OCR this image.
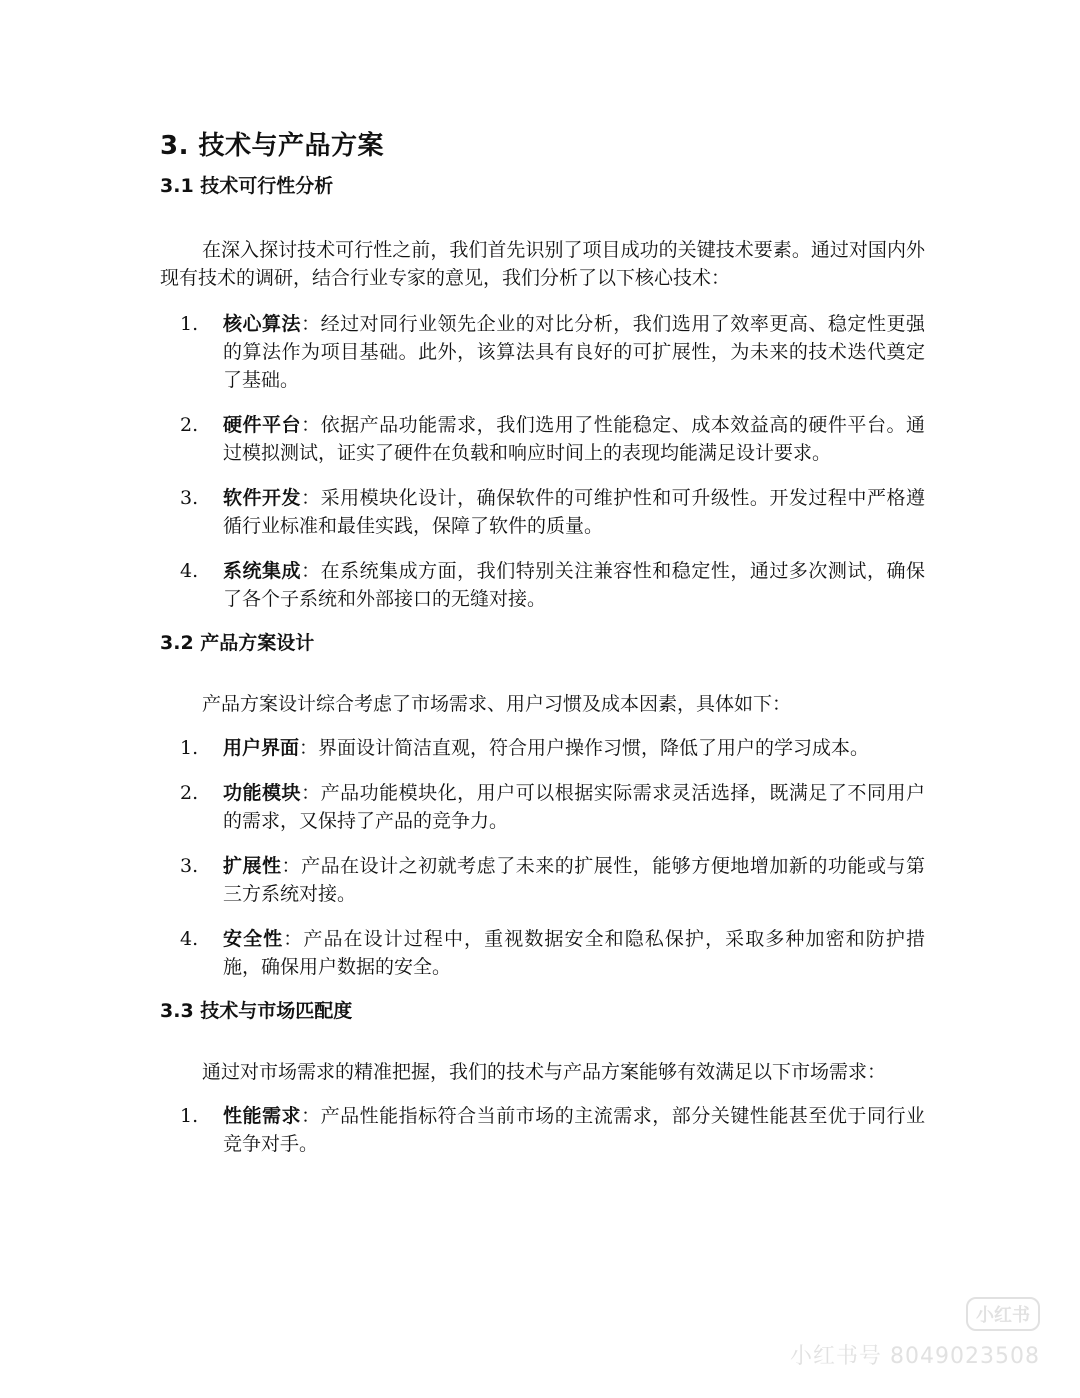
3. 技术与产品方案
3.1 技术可行性分析

在深入探讨技术可行性之前，我们首先识别了项目成功的关键技术要素。通过对国内外现有技术的调研，结合行业专家的意见，我们分析了以下核心技术：

1. 核心算法：经过对同行业领先企业的对比分析，我们选用了效率更高、稳定性更强的算法作为项目基础。此外，该算法具有良好的可扩展性，为未来的技术迭代奠定了基础。
2. 硬件平台：依据产品功能需求，我们选用了性能稳定、成本效益高的硬件平台。通过模拟测试，证实了硬件在负载和响应时间上的表现均能满足设计要求。
3. 软件开发：采用模块化设计，确保软件的可维护性和可升级性。开发过程中严格遵循行业标准和最佳实践，保障了软件的质量。
4. 系统集成：在系统集成方面，我们特别关注兼容性和稳定性，通过多次测试，确保了各个子系统和外部接口的无缝对接。
3.2 产品方案设计

产品方案设计综合考虑了市场需求、用户习惯及成本因素，具体如下：

1. 用户界面：界面设计简洁直观，符合用户操作习惯，降低了用户的学习成本。
2. 功能模块：产品功能模块化，用户可以根据实际需求灵活选择，既满足了不同用户的需求，又保持了产品的竞争力。
3. 扩展性：产品在设计之初就考虑了未来的扩展性，能够方便地增加新的功能或与第三方系统对接。
4. 安全性：产品在设计过程中，重视数据安全和隐私保护，采取多种加密和防护措施，确保用户数据的安全。
3.3 技术与市场匹配度

通过对市场需求的精准把握，我们的技术与产品方案能够有效满足以下市场需求：

1. 性能需求：产品性能指标符合当前市场的主流需求，部分关键性能甚至优于同行业竞争对手。
小红书
小红书号 8049023508
